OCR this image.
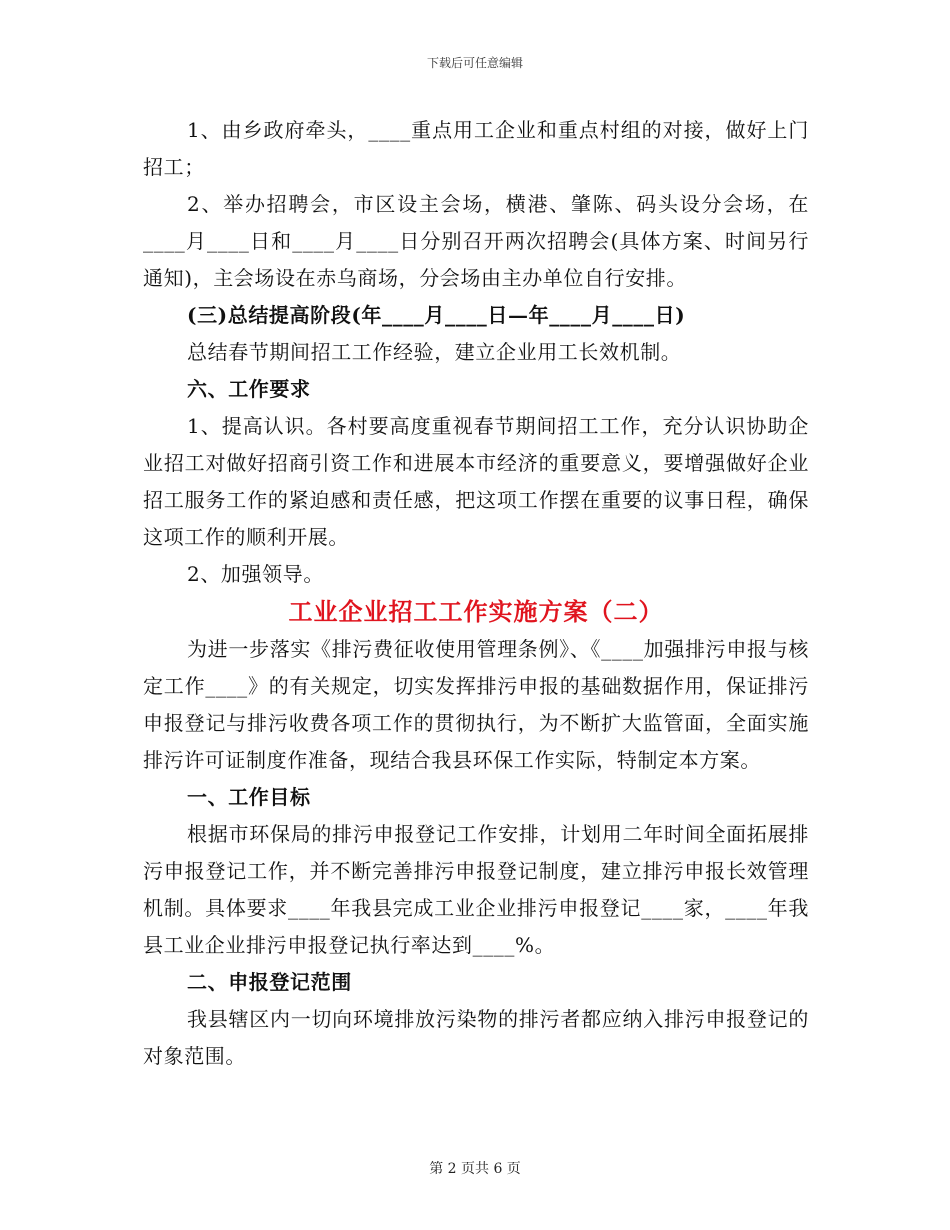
下载后可任意编辑

1、由乡政府牵头，____重点用工企业和重点村组的对接，做好上门招工；

2、举办招聘会，市区设主会场，横港、肇陈、码头设分会场，在____月____日和____月____日分别召开两次招聘会(具体方案、时间另行通知)，主会场设在赤乌商场，分会场由主办单位自行安排。

(三)总结提高阶段(年____月____日—年____月____日)

总结春节期间招工工作经验，建立企业用工长效机制。

六、工作要求

1、提高认识。各村要高度重视春节期间招工工作，充分认识协助企业招工对做好招商引资工作和进展本市经济的重要意义，要增强做好企业招工服务工作的紧迫感和责任感，把这项工作摆在重要的议事日程，确保这项工作的顺利开展。

2、加强领导。

工业企业招工工作实施方案（二）

为进一步落实《排污费征收使用管理条例》、《____加强排污申报与核定工作____》的有关规定，切实发挥排污申报的基础数据作用，保证排污申报登记与排污收费各项工作的贯彻执行，为不断扩大监管面，全面实施排污许可证制度作准备，现结合我县环保工作实际，特制定本方案。

一、工作目标

根据市环保局的排污申报登记工作安排，计划用二年时间全面拓展排污申报登记工作，并不断完善排污申报登记制度，建立排污申报长效管理机制。具体要求____年我县完成工业企业排污申报登记____家，____年我县工业企业排污申报登记执行率达到____%。

二、申报登记范围

我县辖区内一切向环境排放污染物的排污者都应纳入排污申报登记的对象范围。

第 2 页共 6 页
